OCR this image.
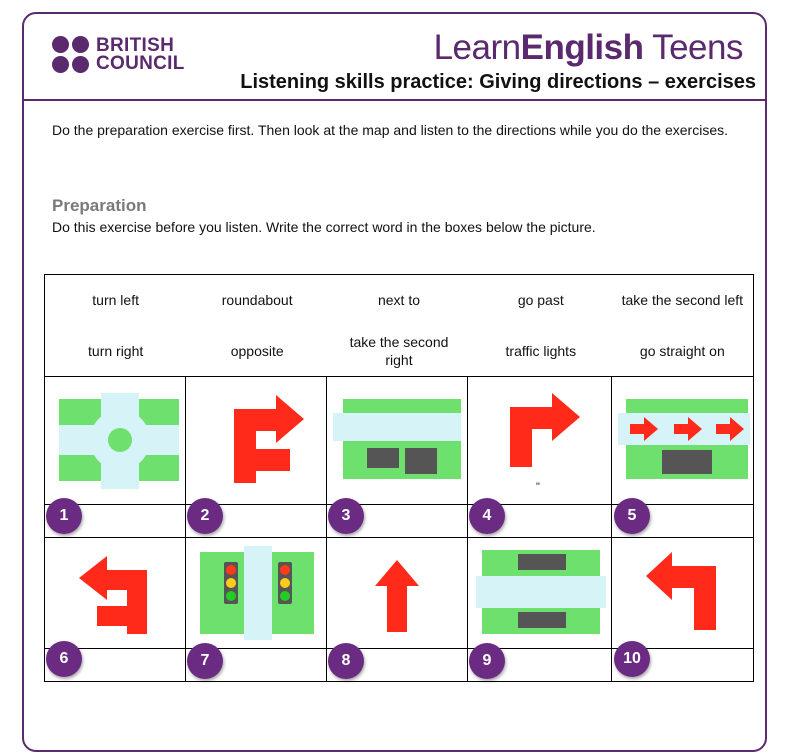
BRITISH
COUNCIL	LearnEnglish Teens
Listening skills practice: Giving directions – exercises
Do the preparation exercise first. Then look at the map and listen to the directions while you do the exercises.
Preparation
Do this exercise before you listen. Write the correct word in the boxes below the picture.
turn left	roundabout	next to	go past	take the second left
turn right	opposite	take the second right	traffic lights	go straight on
"
1	2	3	4	5
6	7	8	9	10
